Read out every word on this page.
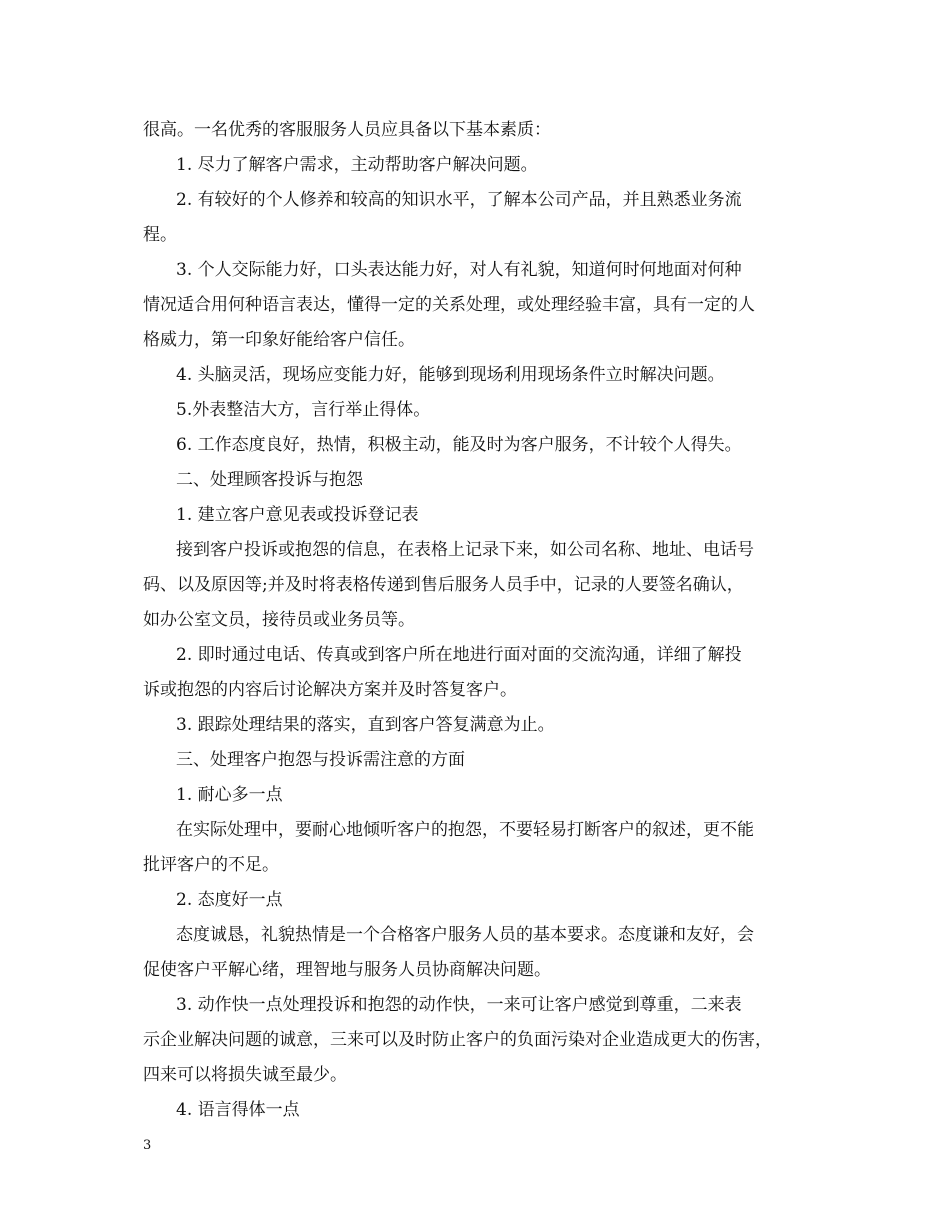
很高。一名优秀的客服服务人员应具备以下基本素质：
1. 尽力了解客户需求，主动帮助客户解决问题。
2. 有较好的个人修养和较高的知识水平，了解本公司产品，并且熟悉业务流
程。
3. 个人交际能力好，口头表达能力好，对人有礼貌，知道何时何地面对何种
情况适合用何种语言表达，懂得一定的关系处理，或处理经验丰富，具有一定的人
格威力，第一印象好能给客户信任。
4. 头脑灵活，现场应变能力好，能够到现场利用现场条件立时解决问题。
5.外表整洁大方，言行举止得体。
6. 工作态度良好，热情，积极主动，能及时为客户服务，不计较个人得失。
二、处理顾客投诉与抱怨
1. 建立客户意见表或投诉登记表
接到客户投诉或抱怨的信息，在表格上记录下来，如公司名称、地址、电话号
码、以及原因等;并及时将表格传递到售后服务人员手中，记录的人要签名确认，
如办公室文员，接待员或业务员等。
2. 即时通过电话、传真或到客户所在地进行面对面的交流沟通，详细了解投
诉或抱怨的内容后讨论解决方案并及时答复客户。
3. 跟踪处理结果的落实，直到客户答复满意为止。
三、处理客户抱怨与投诉需注意的方面
1. 耐心多一点
在实际处理中，要耐心地倾听客户的抱怨，不要轻易打断客户的叙述，更不能
批评客户的不足。
2. 态度好一点
态度诚恳，礼貌热情是一个合格客户服务人员的基本要求。态度谦和友好，会
促使客户平解心绪，理智地与服务人员协商解决问题。
3. 动作快一点处理投诉和抱怨的动作快，一来可让客户感觉到尊重，二来表
示企业解决问题的诚意，三来可以及时防止客户的负面污染对企业造成更大的伤害，
四来可以将损失诚至最少。
4. 语言得体一点
3
